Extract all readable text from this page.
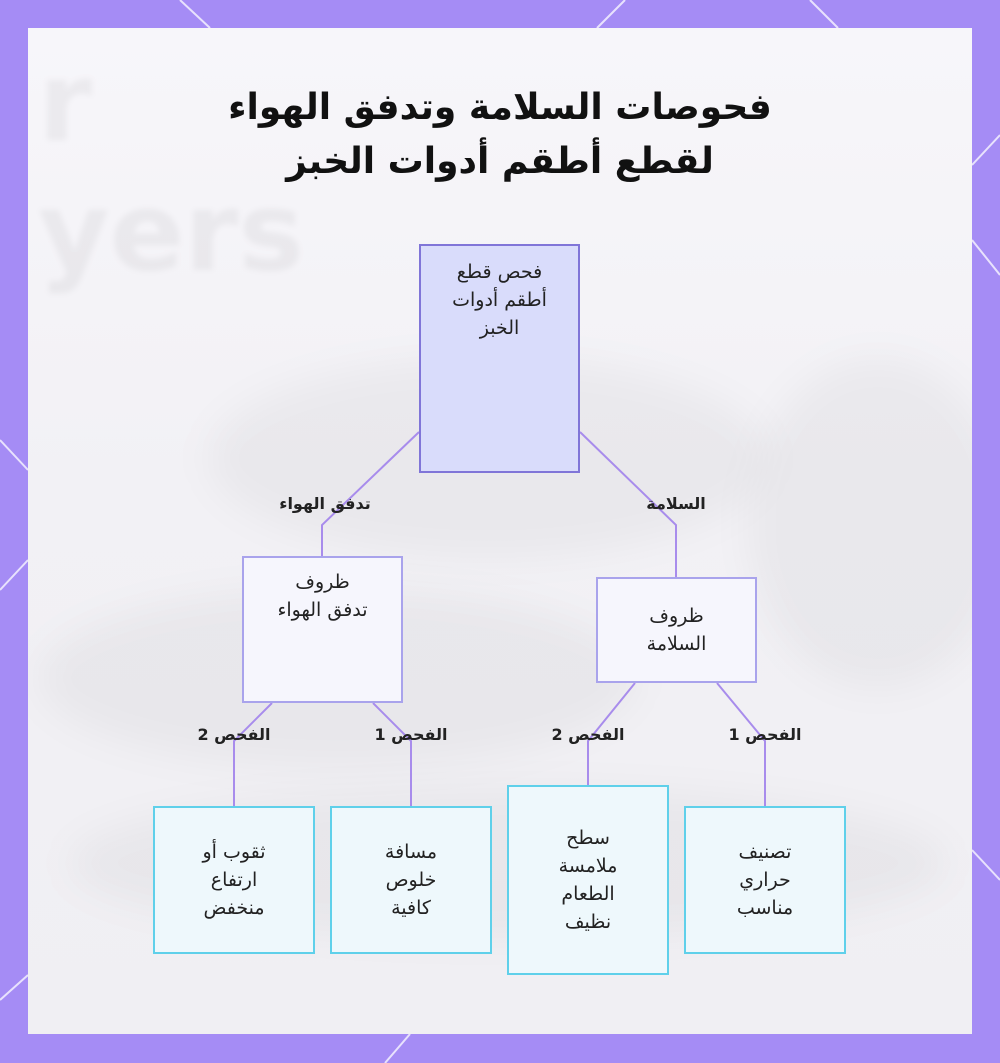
فحوصات السلامة وتدفق الهواء
لقطع أطقم أدوات الخبز
تدفق الهواء	السلامة
الفحص 2	الفحص 1	الفحص 2	الفحص 1
فحص قطع
أطقم أدوات
الخبز
ظروف
تدفق الهواء	ظروف
السلامة
ثقوب أو
ارتفاع
منخفض
مسافة
خلوص
كافية
سطح
ملامسة
الطعام
نظيف
تصنيف
حراري
مناسب
